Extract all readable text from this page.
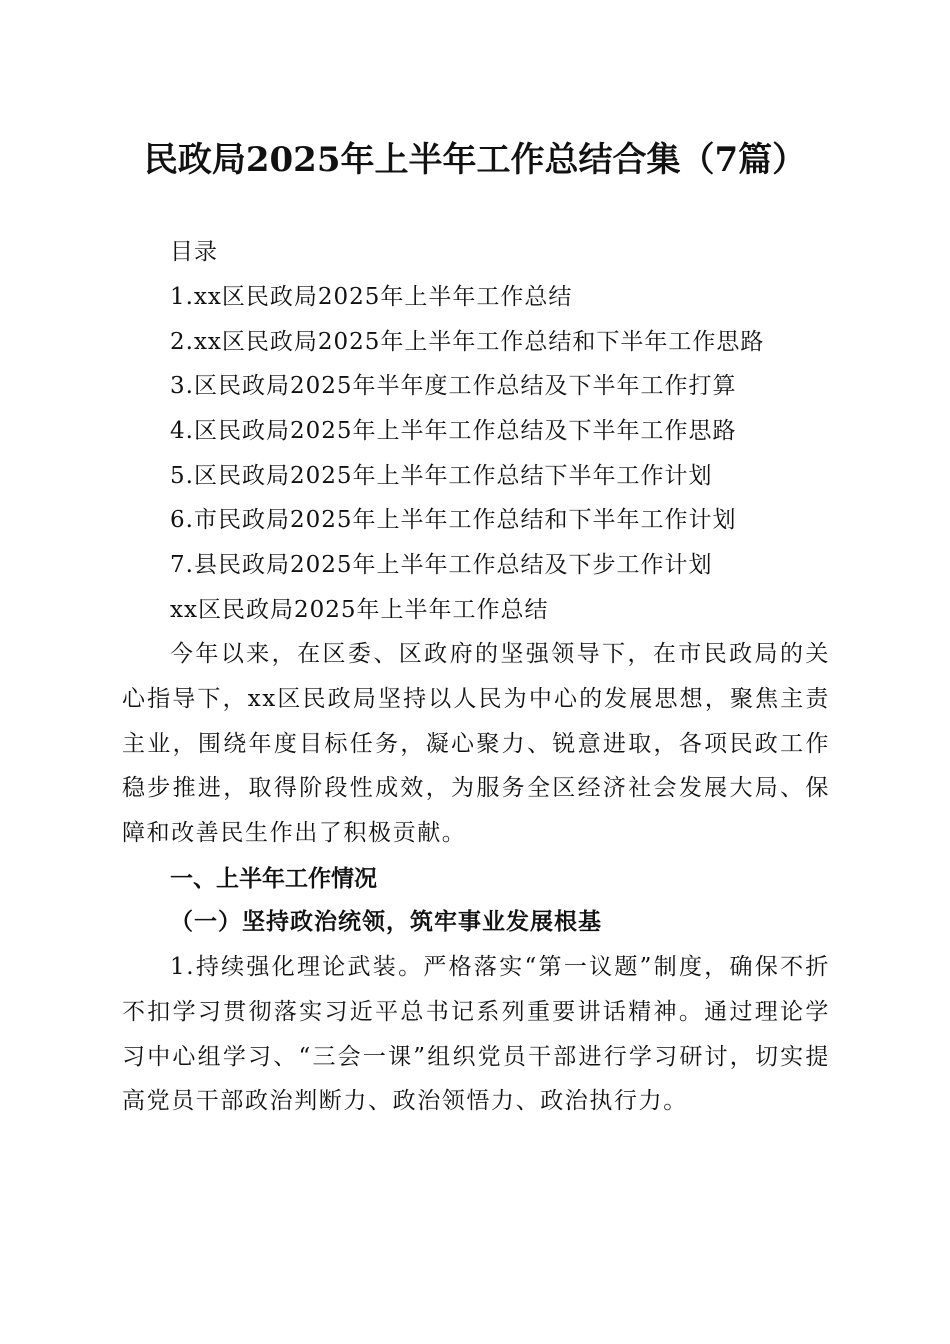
民政局2025年上半年工作总结合集（7篇）
目录
1.xx区民政局2025年上半年工作总结
2.xx区民政局2025年上半年工作总结和下半年工作思路
3.区民政局2025年半年度工作总结及下半年工作打算
4.区民政局2025年上半年工作总结及下半年工作思路
5.区民政局2025年上半年工作总结下半年工作计划
6.市民政局2025年上半年工作总结和下半年工作计划
7.县民政局2025年上半年工作总结及下步工作计划
xx区民政局2025年上半年工作总结
今年以来，在区委、区政府的坚强领导下，在市民政局的关心指导下，xx区民政局坚持以人民为中心的发展思想，聚焦主责主业，围绕年度目标任务，凝心聚力、锐意进取，各项民政工作稳步推进，取得阶段性成效，为服务全区经济社会发展大局、保障和改善民生作出了积极贡献。
一、上半年工作情况
（一）坚持政治统领，筑牢事业发展根基
1.持续强化理论武装。严格落实“第一议题”制度，确保不折不扣学习贯彻落实习近平总书记系列重要讲话精神。通过理论学习中心组学习、“三会一课”组织党员干部进行学习研讨，切实提高党员干部政治判断力、政治领悟力、政治执行力。
